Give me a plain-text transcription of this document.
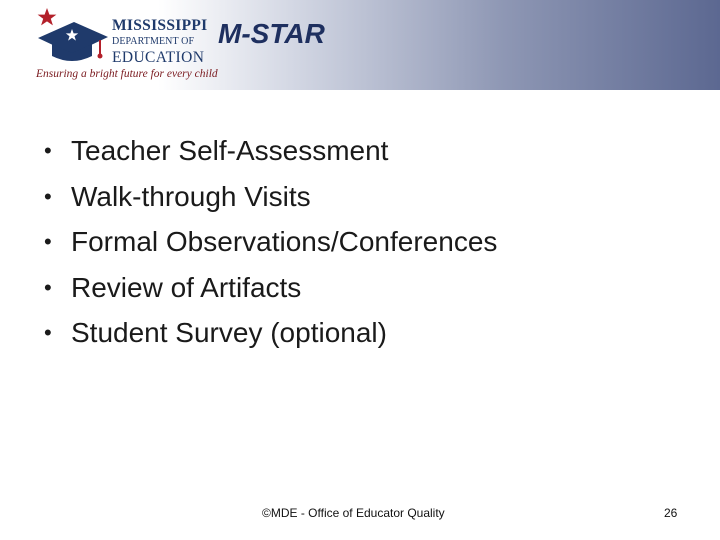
MISSISSIPPI
DEPARTMENT OF
EDUCATION
Ensuring a bright future for every child
M-STAR
• Teacher Self-Assessment
• Walk-through Visits
• Formal Observations/Conferences
• Review of Artifacts
• Student Survey (optional)
©MDE - Office of Educator Quality	26
